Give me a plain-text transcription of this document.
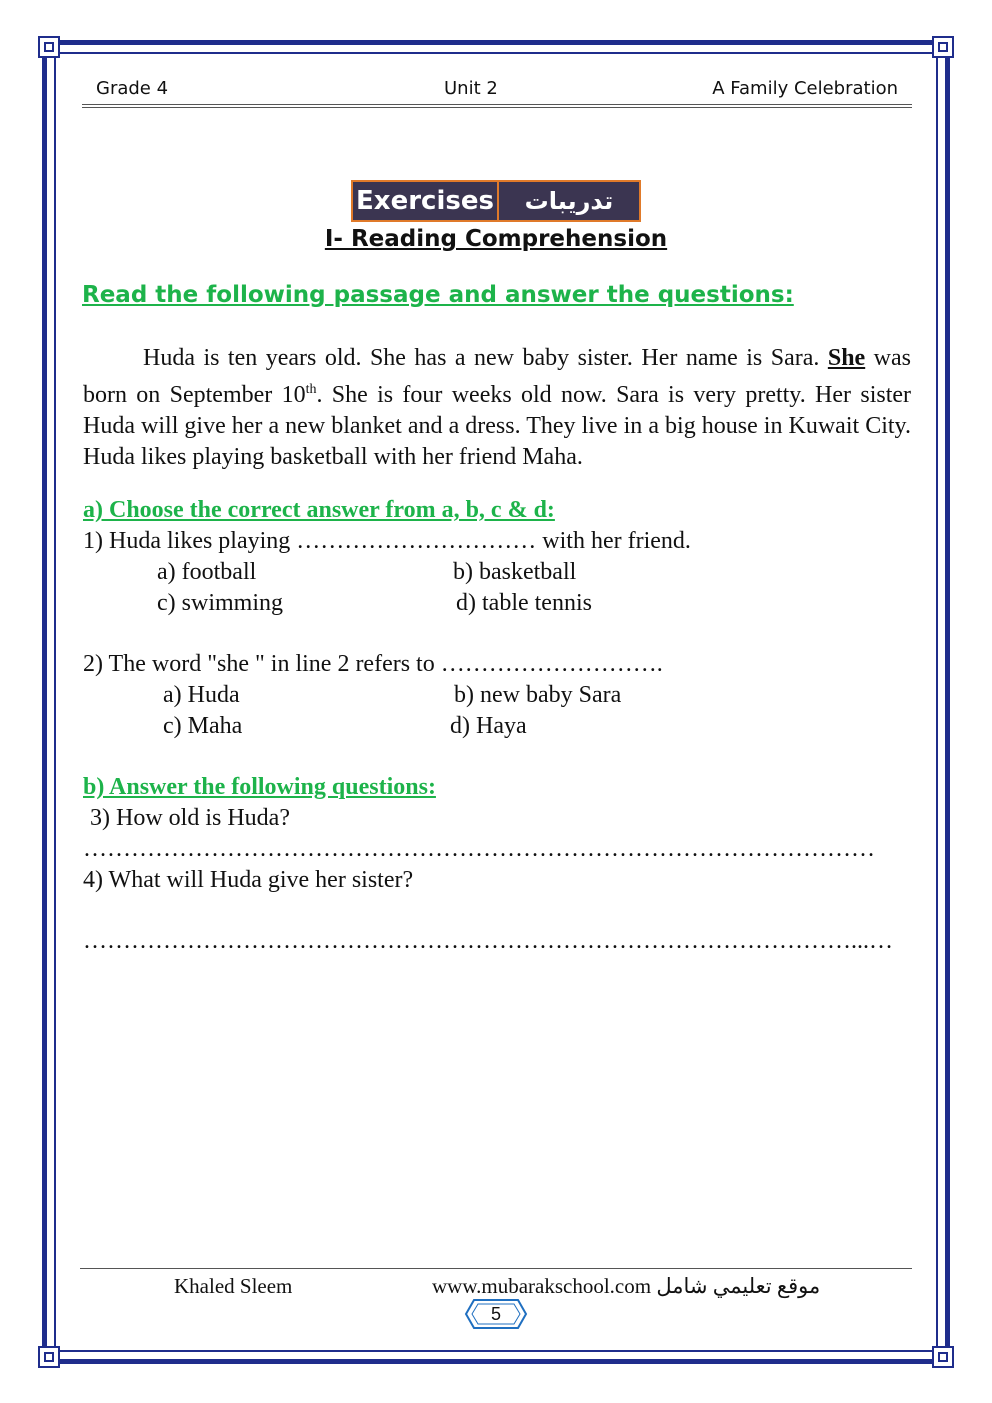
Grade 4	Unit 2	A Family Celebration
Exercises	تدريبات
I- Reading Comprehension
Read the following passage and answer the questions:
Huda is ten years old. She has a new baby sister. Her name is Sara. She was born on September 10th. She is four weeks old now. Sara is very pretty. Her sister Huda will give her a new blanket and a dress. They live in a big house in Kuwait City. Huda likes playing basketball with her friend Maha.
a) Choose the correct answer from a, b, c & d:
1) Huda likes playing ………………………… with her friend.
a) football	b) basketball
c) swimming	d) table tennis
2) The word "she " in line 2 refers to ……………………….
a) Huda	b) new baby Sara
c) Maha	d) Haya
b) Answer the following questions:
3) How old is Huda?
………………………………………………………………………………………
4) What will Huda give her sister?
……………………………………………………………………………………...…
Khaled Sleem	www.mubarakschool.com موقع تعليمي شامل
5
